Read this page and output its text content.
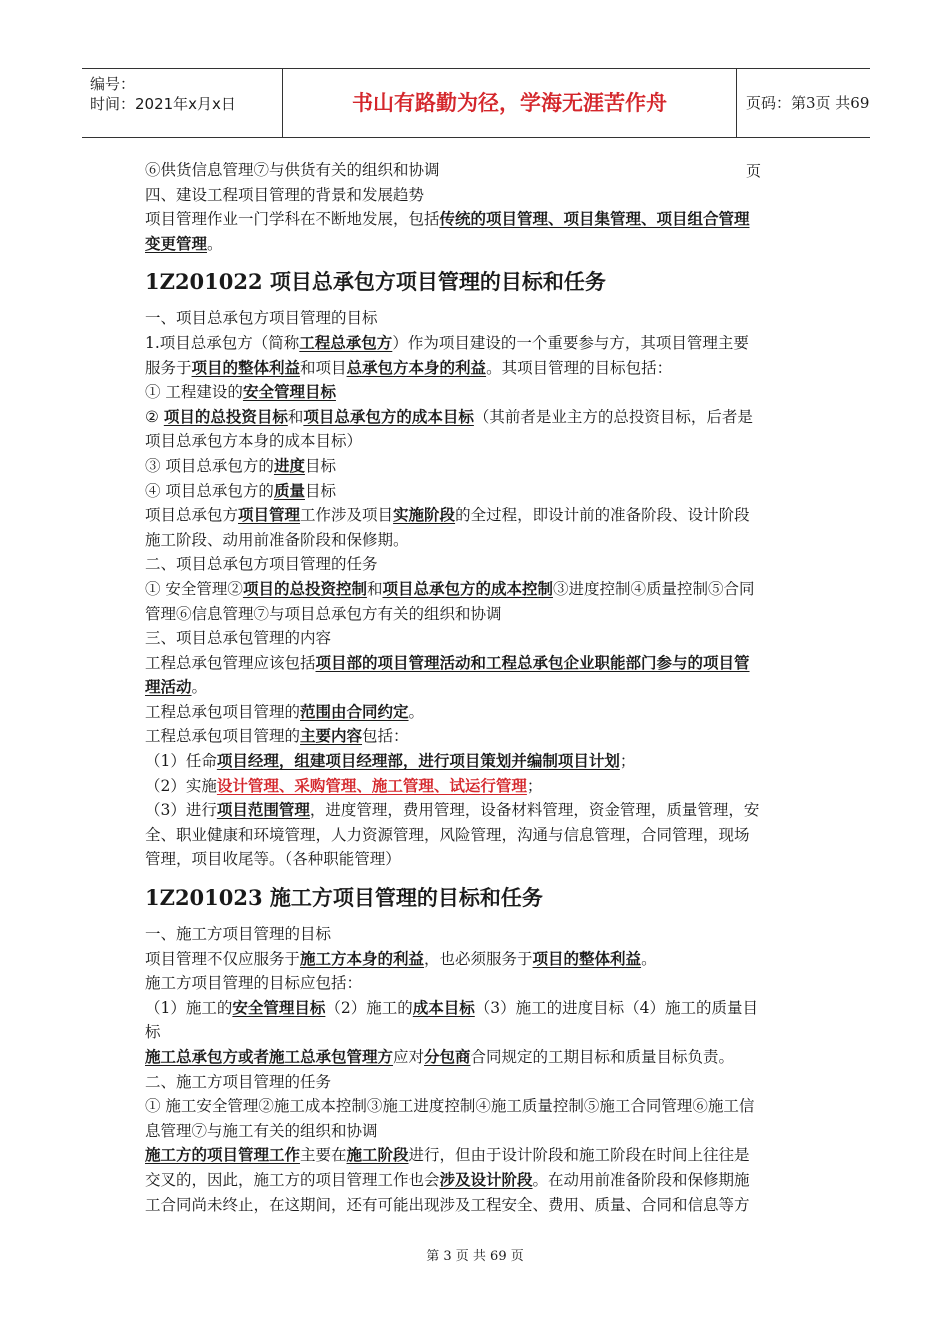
编号：
时间：2021年x月x日	书山有路勤为径，学海无涯苦作舟	页码：第3页 共69页
⑥供货信息管理⑦与供货有关的组织和协调
四、建设工程项目管理的背景和发展趋势
项目管理作业一门学科在不断地发展，包括传统的项目管理、项目集管理、项目组合管理
变更管理。
1Z201022 项目总承包方项目管理的目标和任务
一、项目总承包方项目管理的目标
1.项目总承包方（简称工程总承包方）作为项目建设的一个重要参与方，其项目管理主要
服务于项目的整体利益和项目总承包方本身的利益。其项目管理的目标包括：
① 工程建设的安全管理目标
② 项目的总投资目标和项目总承包方的成本目标（其前者是业主方的总投资目标，后者是
项目总承包方本身的成本目标）
③ 项目总承包方的进度目标
④ 项目总承包方的质量目标
项目总承包方项目管理工作涉及项目实施阶段的全过程，即设计前的准备阶段、设计阶段
施工阶段、动用前准备阶段和保修期。
二、项目总承包方项目管理的任务
① 安全管理②项目的总投资控制和项目总承包方的成本控制③进度控制④质量控制⑤合同
管理⑥信息管理⑦与项目总承包方有关的组织和协调
三、项目总承包管理的内容
工程总承包管理应该包括项目部的项目管理活动和工程总承包企业职能部门参与的项目管
理活动。
工程总承包项目管理的范围由合同约定。
工程总承包项目管理的主要内容包括：
（1）任命项目经理，组建项目经理部，进行项目策划并编制项目计划；
（2）实施设计管理、采购管理、施工管理、试运行管理；
（3）进行项目范围管理，进度管理，费用管理，设备材料管理，资金管理，质量管理，安
全、职业健康和环境管理，人力资源管理，风险管理，沟通与信息管理，合同管理，现场
管理，项目收尾等。（各种职能管理）
1Z201023 施工方项目管理的目标和任务
一、施工方项目管理的目标
项目管理不仅应服务于施工方本身的利益，也必须服务于项目的整体利益。
施工方项目管理的目标应包括：
（1）施工的安全管理目标（2）施工的成本目标（3）施工的进度目标（4）施工的质量目
标
施工总承包方或者施工总承包管理方应对分包商合同规定的工期目标和质量目标负责。
二、施工方项目管理的任务
① 施工安全管理②施工成本控制③施工进度控制④施工质量控制⑤施工合同管理⑥施工信
息管理⑦与施工有关的组织和协调
施工方的项目管理工作主要在施工阶段进行，但由于设计阶段和施工阶段在时间上往往是
交叉的，因此，施工方的项目管理工作也会涉及设计阶段。在动用前准备阶段和保修期施
工合同尚未终止，在这期间，还有可能出现涉及工程安全、费用、质量、合同和信息等方
第 3 页 共 69 页
